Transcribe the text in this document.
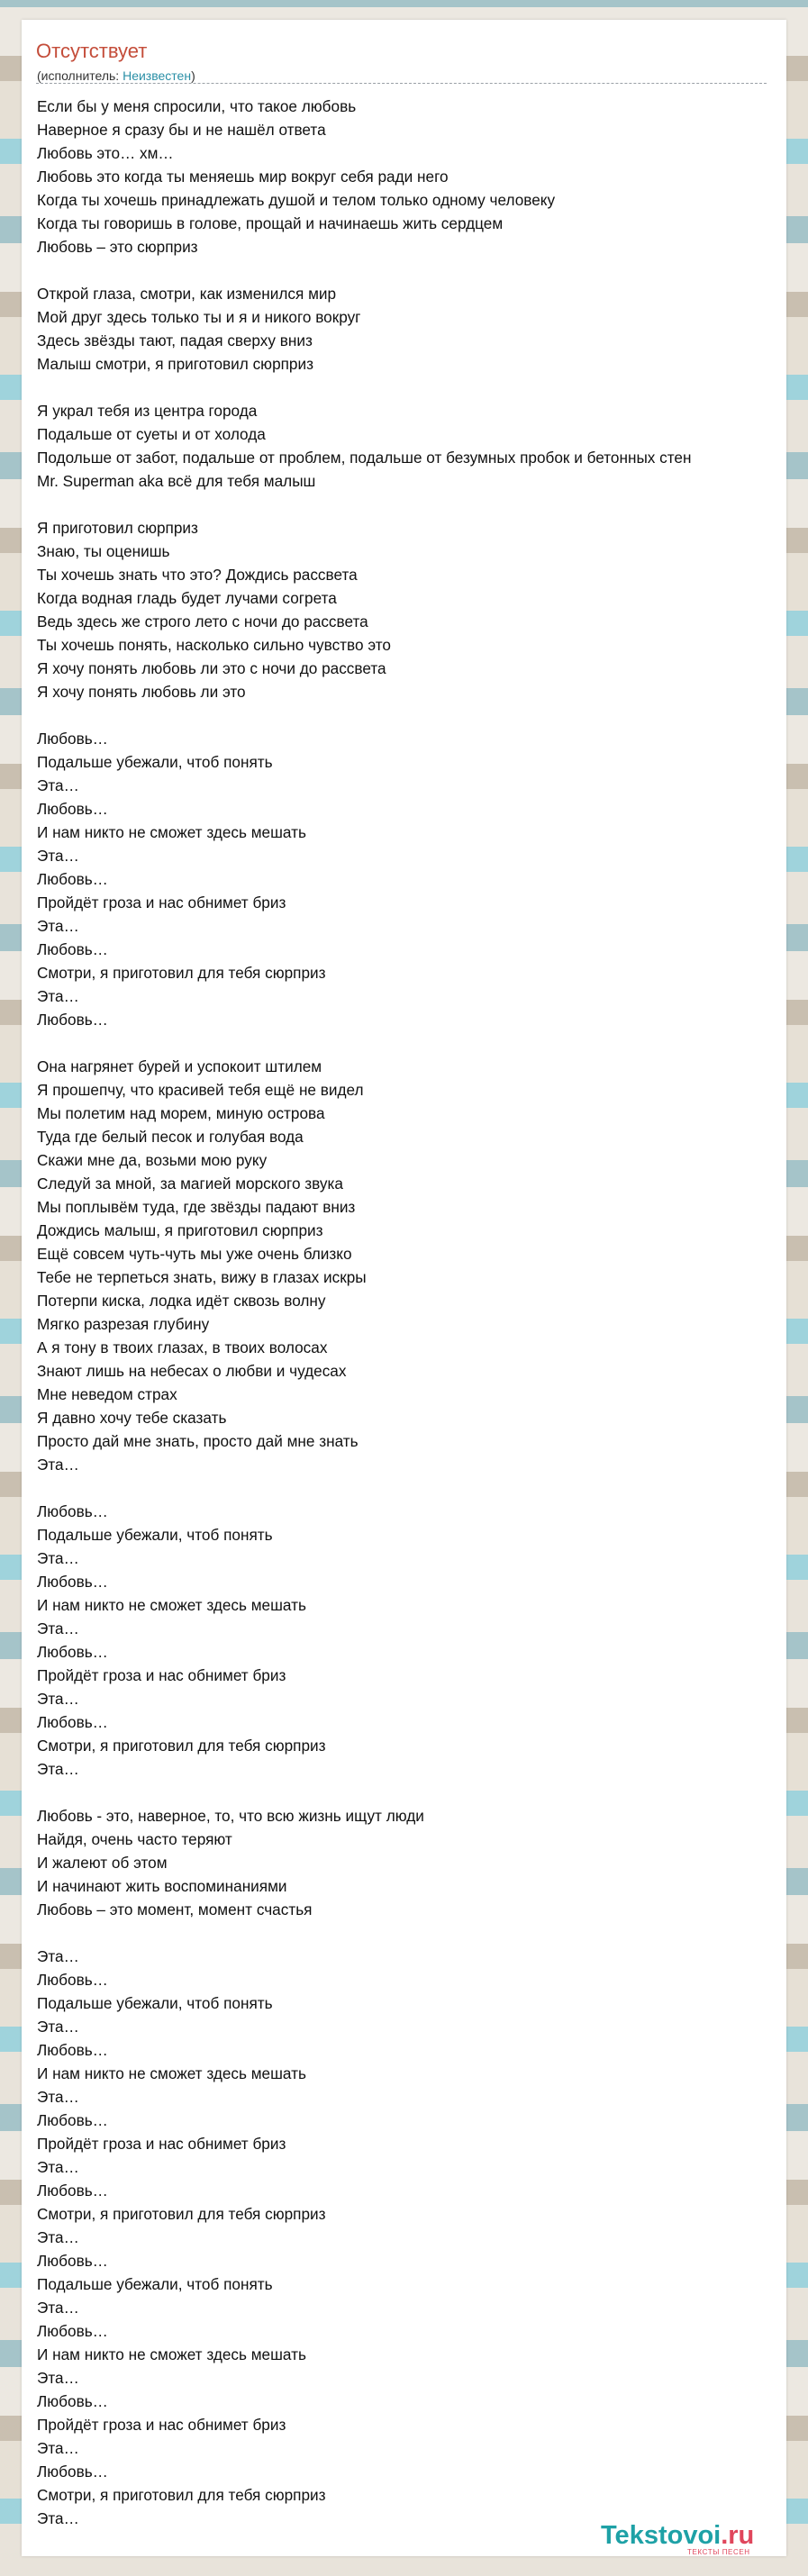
Отсутствует
(исполнитель: Неизвестен)
Если бы у меня спросили, что такое любовь
Наверное я сразу бы и не нашёл ответа
Любовь это… хм…
Любовь это когда ты меняешь мир вокруг себя ради него
Когда ты хочешь принадлежать душой и телом только одному человеку
Когда ты говоришь в голове, прощай и начинаешь жить сердцем
Любовь – это сюрприз
Открой глаза, смотри, как изменился мир
Мой друг здесь только ты и я и никого вокруг
Здесь звёзды тают, падая сверху вниз
Малыш смотри, я приготовил сюрприз
Я украл тебя из центра города
Подальше от суеты и от холода
Подольше от забот, подальше от проблем, подальше от безумных пробок и бетонных стен
Mr. Superman aka всё для тебя малыш
Я приготовил сюрприз
Знаю, ты оценишь
Ты хочешь знать что это? Дождись рассвета
Когда водная гладь будет лучами согрета
Ведь здесь же строго лето с ночи до рассвета
Ты хочешь понять, насколько сильно чувство это
Я хочу понять любовь ли это с ночи до рассвета
Я хочу понять любовь ли это
Любовь…
Подальше убежали, чтоб понять
Эта…
Любовь…
И нам никто не сможет здесь мешать
Эта…
Любовь…
Пройдёт гроза и нас обнимет бриз
Эта…
Любовь…
Смотри, я приготовил для тебя сюрприз
Эта…
Любовь…
Она нагрянет бурей и успокоит штилем
Я прошепчу, что красивей тебя ещё не видел
Мы полетим над морем, миную острова
Туда где белый песок и голубая вода
Скажи мне да, возьми мою руку
Следуй за мной, за магией морского звука
Мы поплывём туда, где звёзды падают вниз
Дождись малыш, я приготовил сюрприз
Ещё совсем чуть-чуть мы уже очень близко
Тебе не терпеться знать, вижу в глазах искры
Потерпи киска, лодка идёт сквозь волну
Мягко разрезая глубину
А я тону в твоих глазах, в твоих волосах
Знают лишь на небесах о любви и чудесах
Мне неведом страх
Я давно хочу тебе сказать
Просто дай мне знать, просто дай мне знать
Эта…
Любовь…
Подальше убежали, чтоб понять
Эта…
Любовь…
И нам никто не сможет здесь мешать
Эта…
Любовь…
Пройдёт гроза и нас обнимет бриз
Эта…
Любовь…
Смотри, я приготовил для тебя сюрприз
Эта…
Любовь - это, наверное, то, что всю жизнь ищут люди
Найдя, очень часто теряют
И жалеют об этом
И начинают жить воспоминаниями
Любовь – это момент, момент счастья
Эта…
Любовь…
Подальше убежали, чтоб понять
Эта…
Любовь…
И нам никто не сможет здесь мешать
Эта…
Любовь…
Пройдёт гроза и нас обнимет бриз
Эта…
Любовь…
Смотри, я приготовил для тебя сюрприз
Эта…
Любовь…
Подальше убежали, чтоб понять
Эта…
Любовь…
И нам никто не сможет здесь мешать
Эта…
Любовь…
Пройдёт гроза и нас обнимет бриз
Эта…
Любовь…
Смотри, я приготовил для тебя сюрприз
Эта…
Tekstovoi.ru
ТЕКСТЫ ПЕСЕН
